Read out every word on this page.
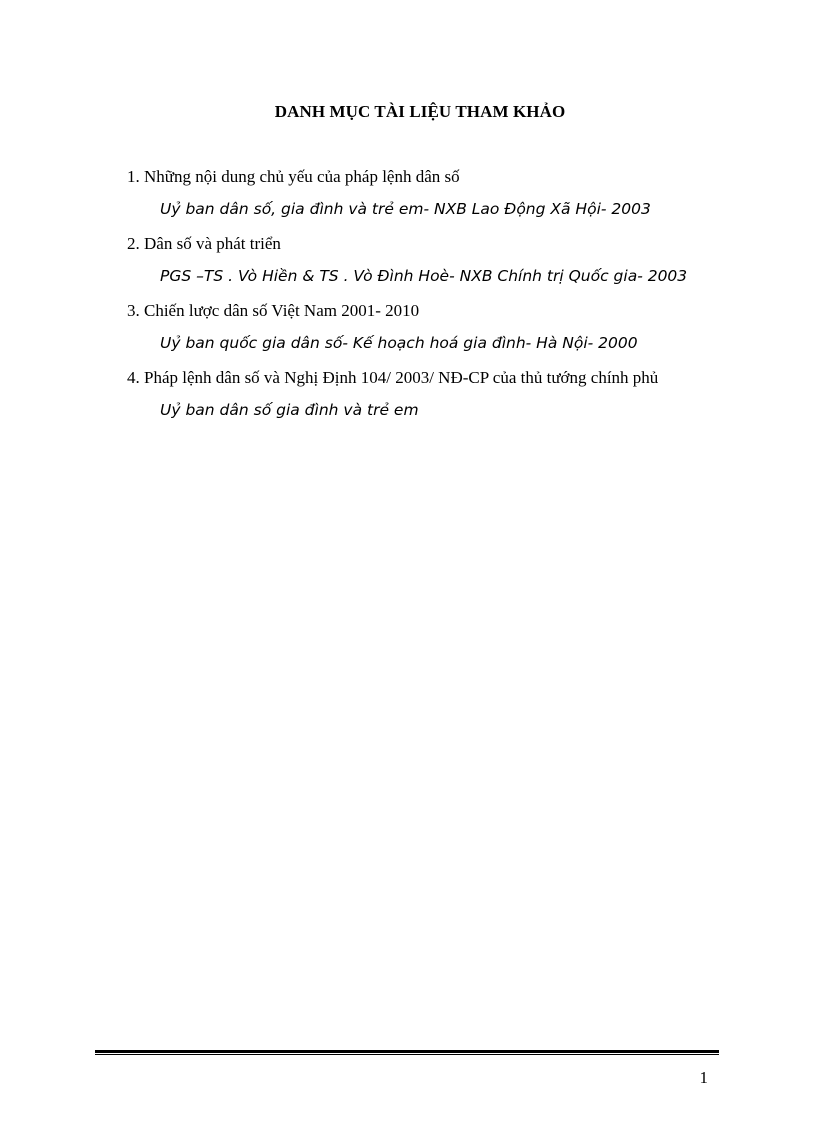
DANH MỤC TÀI LIỆU THAM KHẢO
1. Những nội dung chủ yếu của pháp lệnh dân số
Uỷ ban dân số, gia đình và trẻ em- NXB Lao Động Xã Hội- 2003
2. Dân số và phát triển
PGS –TS . Vò Hiền & TS . Vò Đình Hoè- NXB Chính trị Quốc gia- 2003
3. Chiến lược dân số Việt Nam 2001- 2010
Uỷ ban quốc gia dân số- Kế hoạch hoá gia đình- Hà Nội- 2000
4. Pháp lệnh dân số và Nghị Định 104/ 2003/ NĐ-CP của thủ tướng chính phủ
Uỷ ban dân số gia đình và trẻ em
1
